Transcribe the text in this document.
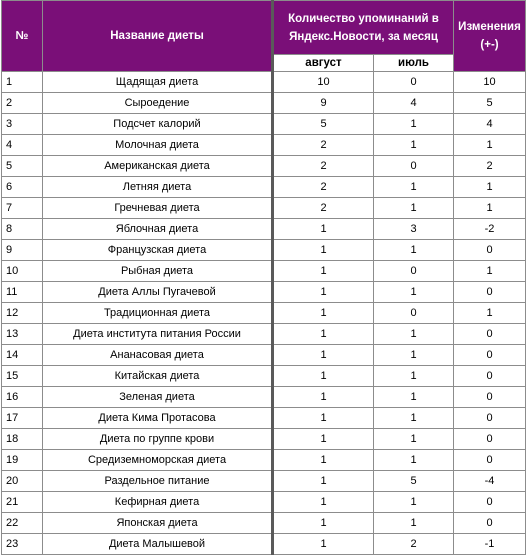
№	Название диеты	Количество упоминаний в Яндекс.Новости, за месяц		Изменения (+-)
		август	июль	
1	Щадящая диета	10	0	10
2	Сыроедение	9	4	5
3	Подсчет калорий	5	1	4
4	Молочная диета	2	1	1
5	Американская диета	2	0	2
6	Летняя диета	2	1	1
7	Гречневая диета	2	1	1
8	Яблочная диета	1	3	-2
9	Французская диета	1	1	0
10	Рыбная диета	1	0	1
11	Диета Аллы Пугачевой	1	1	0
12	Традиционная диета	1	0	1
13	Диета института питания России	1	1	0
14	Ананасовая диета	1	1	0
15	Китайская диета	1	1	0
16	Зеленая диета	1	1	0
17	Диета Кима Протасова	1	1	0
18	Диета по группе крови	1	1	0
19	Средиземноморская диета	1	1	0
20	Раздельное питание	1	5	-4
21	Кефирная диета	1	1	0
22	Японская диета	1	1	0
23	Диета Малышевой	1	2	-1
